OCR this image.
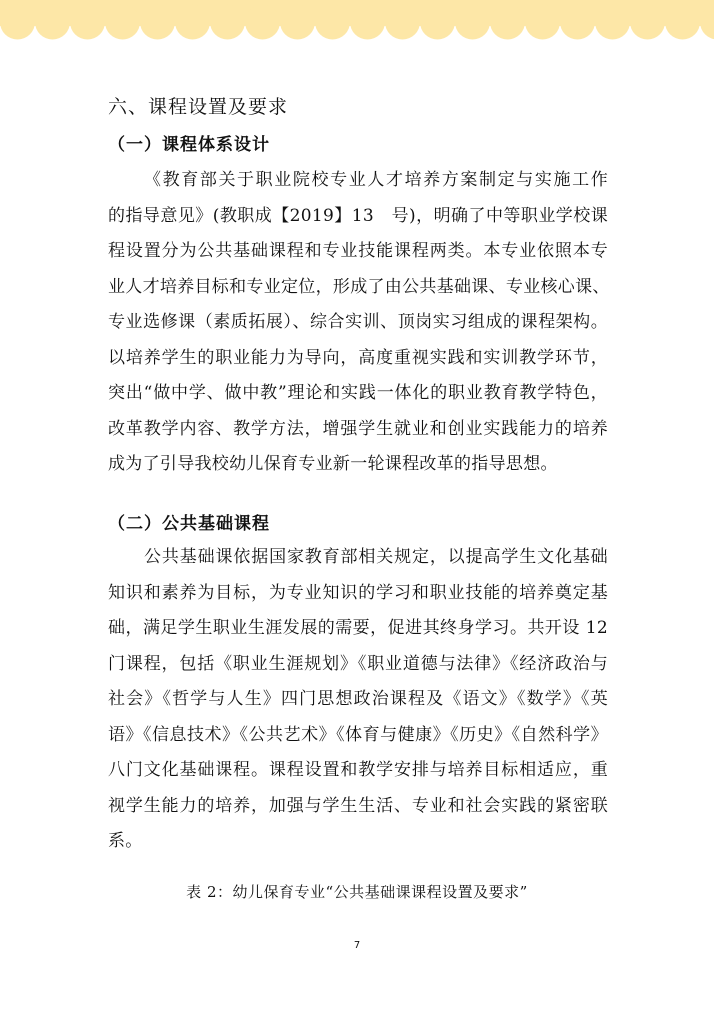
六、课程设置及要求
（一）课程体系设计

《教育部关于职业院校专业人才培养方案制定与实施工作
的指导意见》(教职成【2019】13　号)，明确了中等职业学校课
程设置分为公共基础课程和专业技能课程两类。本专业依照本专
业人才培养目标和专业定位，形成了由公共基础课、专业核心课、
专业选修课（素质拓展）、综合实训、顶岗实习组成的课程架构。
以培养学生的职业能力为导向，高度重视实践和实训教学环节，
突出“做中学、做中教”理论和实践一体化的职业教育教学特色，
改革教学内容、教学方法，增强学生就业和创业实践能力的培养
成为了引导我校幼儿保育专业新一轮课程改革的指导思想。

（二）公共基础课程

公共基础课依据国家教育部相关规定，以提高学生文化基础
知识和素养为目标，为专业知识的学习和职业技能的培养奠定基
础，满足学生职业生涯发展的需要，促进其终身学习。共开设 12
门课程，包括《职业生涯规划》《职业道德与法律》《经济政治与
社会》《哲学与人生》四门思想政治课程及《语文》《数学》《英
语》《信息技术》《公共艺术》《体育与健康》《历史》《自然科学》
八门文化基础课程。课程设置和教学安排与培养目标相适应，重
视学生能力的培养，加强与学生生活、专业和社会实践的紧密联
系。

表 2：幼儿保育专业“公共基础课课程设置及要求”

7
